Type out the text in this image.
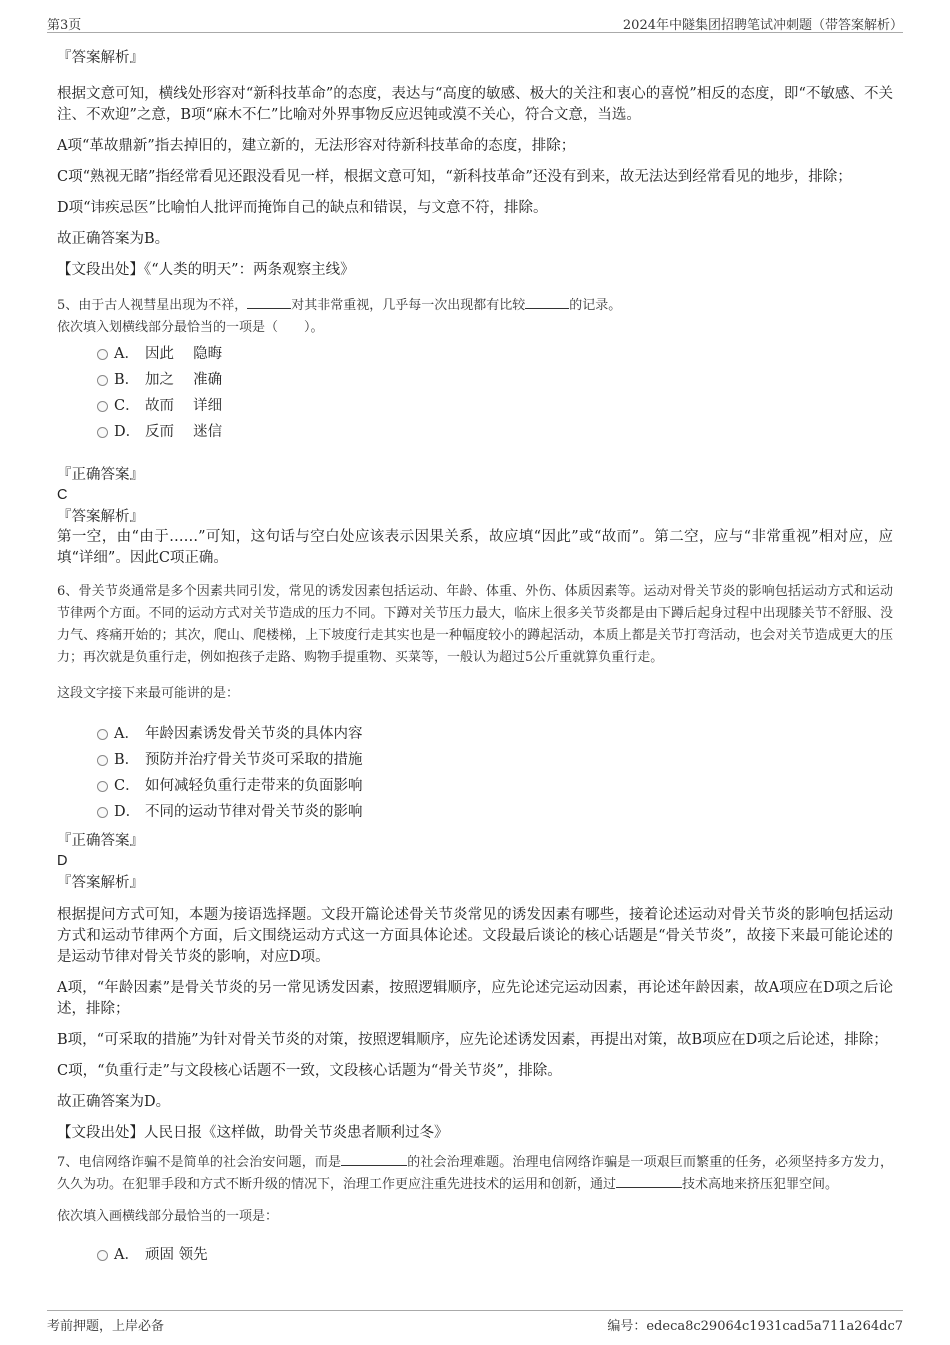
第3页	2024年中隧集团招聘笔试冲刺题（带答案解析）

『答案解析』

根据文意可知，横线处形容对“新科技革命”的态度，表达与“高度的敏感、极大的关注和衷心的喜悦”相反的态度，即“不敏感、不关注、不欢迎”之意，B项“麻木不仁”比喻对外界事物反应迟钝或漠不关心，符合文意，当选。

A项“革故鼎新”指去掉旧的，建立新的，无法形容对待新科技革命的态度，排除；

C项“熟视无睹”指经常看见还跟没看见一样，根据文意可知，“新科技革命”还没有到来，故无法达到经常看见的地步，排除；

D项“讳疾忌医”比喻怕人批评而掩饰自己的缺点和错误，与文意不符，排除。

故正确答案为B。

【文段出处】《“人类的明天”：两条观察主线》

5、由于古人视彗星出现为不祥，	对其非常重视，几乎每一次出现都有比较	的记录。

依次填入划横线部分最恰当的一项是（　　）。

A． 因此　 隐晦
B． 加之　 准确
C． 故而　 详细
D． 反而　 迷信

『正确答案』

C

『答案解析』

第一空，由“由于……”可知，这句话与空白处应该表示因果关系，故应填“因此”或“故而”。第二空，应与“非常重视”相对应，应填“详细”。因此C项正确。

6、骨关节炎通常是多个因素共同引发，常见的诱发因素包括运动、年龄、体重、外伤、体质因素等。运动对骨关节炎的影响包括运动方式和运动节律两个方面。不同的运动方式对关节造成的压力不同。下蹲对关节压力最大，临床上很多关节炎都是由下蹲后起身过程中出现膝关节不舒服、没力气、疼痛开始的；其次，爬山、爬楼梯，上下坡度行走其实也是一种幅度较小的蹲起活动，本质上都是关节打弯活动，也会对关节造成更大的压力；再次就是负重行走，例如抱孩子走路、购物手提重物、买菜等，一般认为超过5公斤重就算负重行走。

这段文字接下来最可能讲的是：

A． 年龄因素诱发骨关节炎的具体内容
B． 预防并治疗骨关节炎可采取的措施
C． 如何减轻负重行走带来的负面影响
D． 不同的运动节律对骨关节炎的影响

『正确答案』

D

『答案解析』

根据提问方式可知，本题为接语选择题。文段开篇论述骨关节炎常见的诱发因素有哪些，接着论述运动对骨关节炎的影响包括运动方式和运动节律两个方面，后文围绕运动方式这一方面具体论述。文段最后谈论的核心话题是“骨关节炎”，故接下来最可能论述的是运动节律对骨关节炎的影响，对应D项。

A项，“年龄因素”是骨关节炎的另一常见诱发因素，按照逻辑顺序，应先论述完运动因素，再论述年龄因素，故A项应在D项之后论述，排除；

B项，“可采取的措施”为针对骨关节炎的对策，按照逻辑顺序，应先论述诱发因素，再提出对策，故B项应在D项之后论述，排除；

C项，“负重行走”与文段核心话题不一致，文段核心话题为“骨关节炎”，排除。

故正确答案为D。

【文段出处】人民日报《这样做，助骨关节炎患者顺利过冬》

7、电信网络诈骗不是简单的社会治安问题，而是	的社会治理难题。治理电信网络诈骗是一项艰巨而繁重的任务，必须坚持多方发力，久久为功。在犯罪手段和方式不断升级的情况下，治理工作更应注重先进技术的运用和创新，通过	技术高地来挤压犯罪空间。

依次填入画横线部分最恰当的一项是：

A． 顽固 领先
考前押题，上岸必备	编号：edeca8c29064c1931cad5a711a264dc7
